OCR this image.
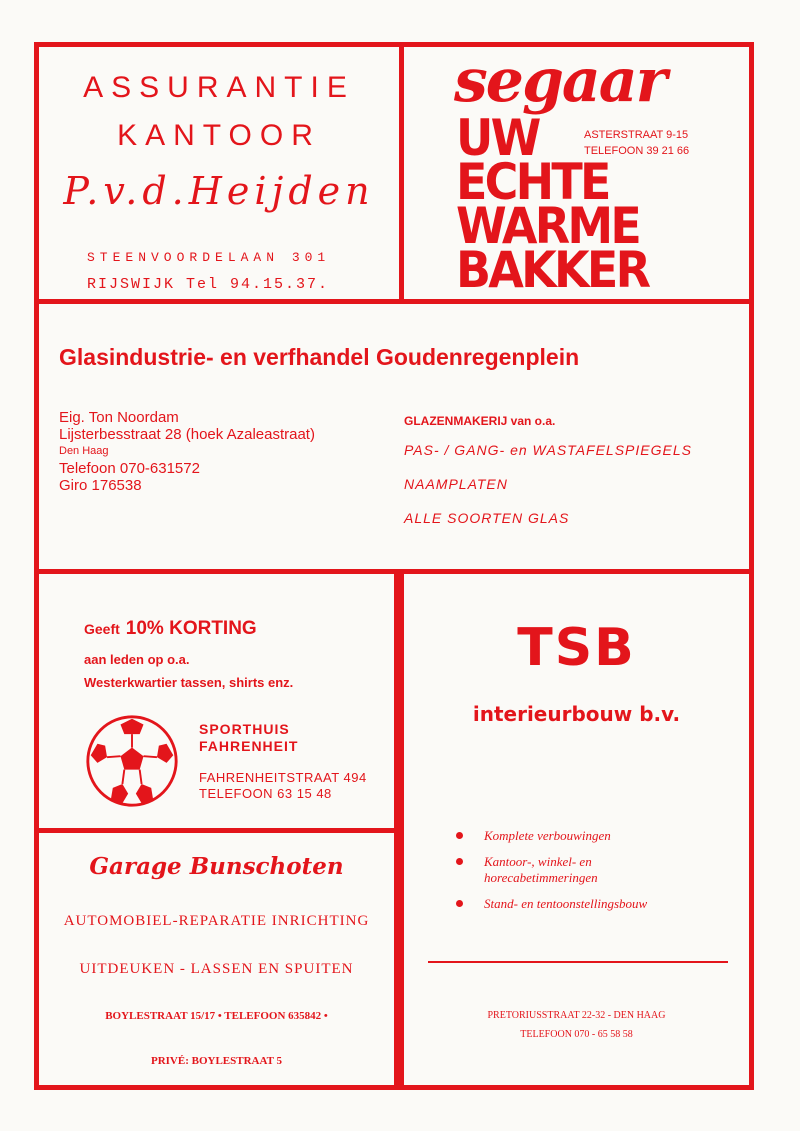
ASSURANTIE
KANTOOR
P.v.d.Heijden
STEENVOORDELAAN 301
RIJSWIJK Tel 94.15.37.
segaar
UW
ECHTE
WARME
BAKKER
ASTERSTRAAT 9-15
TELEFOON 39 21 66
Glasindustrie- en verfhandel Goudenregenplein
Eig. Ton Noordam
Lijsterbesstraat 28 (hoek Azaleastraat)
Den Haag
Telefoon 070-631572
Giro 176538
GLAZENMAKERIJ van o.a.
PAS- / GANG- en WASTAFELSPIEGELS
NAAMPLATEN
ALLE SOORTEN GLAS
Geeft 10% KORTING
aan leden op o.a.
Westerkwartier tassen, shirts enz.
SPORTHUIS
FAHRENHEIT
FAHRENHEITSTRAAT 494
TELEFOON 63 15 48
Garage Bunschoten
AUTOMOBIEL-REPARATIE INRICHTING
UITDEUKEN - LASSEN EN SPUITEN
BOYLESTRAAT 15/17 • TELEFOON 635842 •
PRIVÉ: BOYLESTRAAT 5
TSB
interieurbouw b.v.
Komplete verbouwingen
Kantoor-, winkel- en
horecabetimmeringen
Stand- en tentoonstellingsbouw
PRETORIUSSTRAAT 22-32 - DEN HAAG
TELEFOON 070 - 65 58 58
